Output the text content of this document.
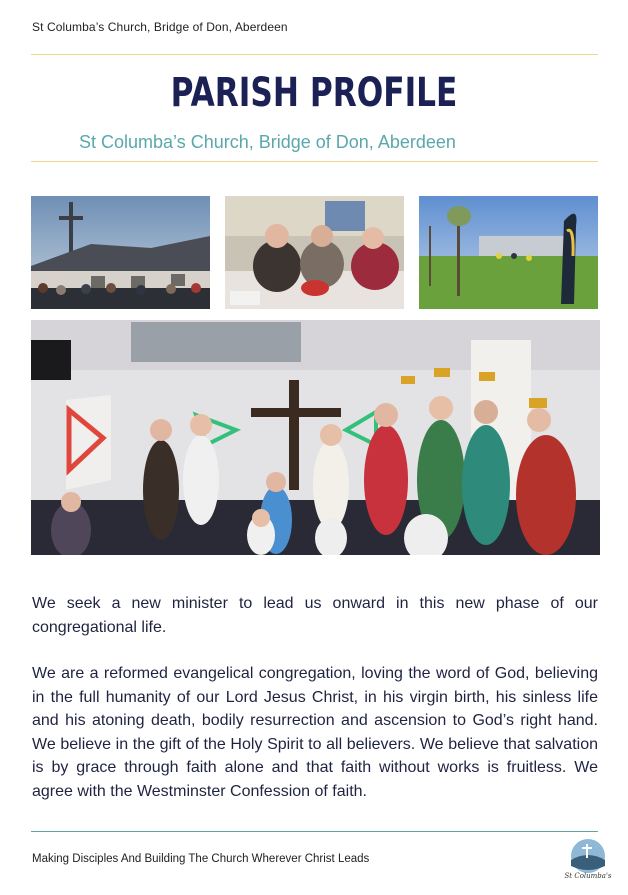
St Columba’s Church, Bridge of Don, Aberdeen
PARISH PROFILE
St Columba’s Church, Bridge of Don, Aberdeen

We seek a new minister to lead us onward in this new phase of our congregational life.

We are a reformed evangelical congregation, loving the word of God, believing in the full humanity of our Lord Jesus Christ, in his virgin birth, his sinless life and his atoning death, bodily resurrection and ascension to God’s right hand. We believe in the gift of the Holy Spirit to all believers. We believe that salvation is by grace through faith alone and that faith without works is fruitless. We agree with the Westminster Confession of faith.

Making Disciples And Building The Church Wherever Christ Leads
St Columba's
